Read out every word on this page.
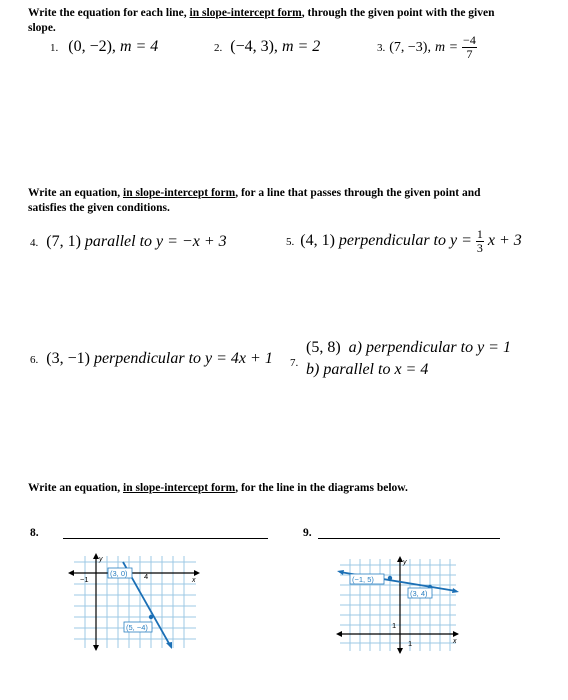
Write the equation for each line, in slope-intercept form, through the given point with the given
slope.
1. (0, −2), m = 4	2. (−4, 3), m = 2	3. (7, −3), $m = \frac{-4}{7}$
Write an equation, in slope-intercept form, for a line that passes through the given point and
satisfies the given conditions.
4. (7, 1) parallel to y = −x + 3	5. (4, 1) perpendicular to $y = \frac{1}{3}$ x + 3
6. (3, −1) perpendicular to y = 4x + 1 7.
(5, 8) a) perpendicular to y = 1
b) parallel to x = 4
Write an equation, in slope-intercept form, for the line in the diagrams below.
8.	9.
(3, 0)
(5, −4)
−1	4
y
x	(−1, 5)
(3, 4)
1
1
y
x
